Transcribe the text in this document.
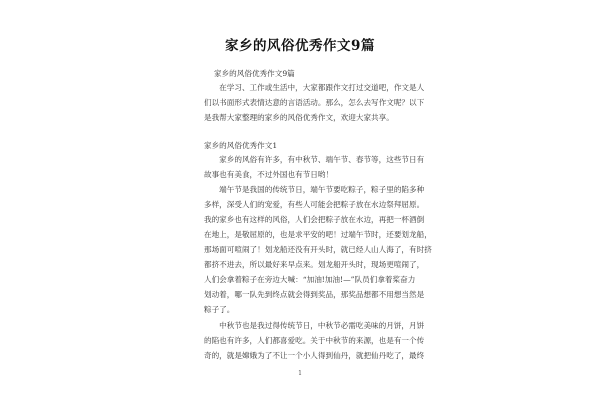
家乡的风俗优秀作文9篇
家乡的风俗优秀作文9篇

　　在学习、工作或生活中，大家都跟作文打过交道吧，作文是人
们以书面形式表情达意的言语活动。那么，怎么去写作文呢？以下
是我帮大家整理的家乡的风俗优秀作文，欢迎大家共享。

家乡的风俗优秀作文1

　　家乡的风俗有许多，有中秋节、端午节、春节等，这些节日有
故事也有美食，不过外国也有节日哟！

　　端午节是我国的传统节日，端午节要吃粽子，粽子里的陷多种
多样，深受人们的宠爱，有些人可能会把粽子放在水边祭拜屈原。
我的家乡也有这样的风俗，人们会把粽子放在水边，再把一杯酒倒
在地上，是敬屈原的，也是求平安的吧！过端午节时，还要划龙船，
那场面可喧闹了！划龙船还没有开头时，就已经人山人海了，有时挤
都挤不进去，所以最好来早点来。划龙船开头时，现场更喧闹了，
人们会拿着粽子在旁边大喊：“加油!加油!—”队员们拿着桨奋力
划动着，哪一队先到终点就会得到奖品，那奖品想都不用想当然是
粽子了。

　　中秋节也是我过得传统节日，中秋节必需吃美味的月饼，月饼
的陷也有许多，人们都喜爱吃。关于中秋节的来源，也是有一个传
奇的，就是嫦娥为了不让一个小人得到仙丹，就把仙丹吃了，最终

1
